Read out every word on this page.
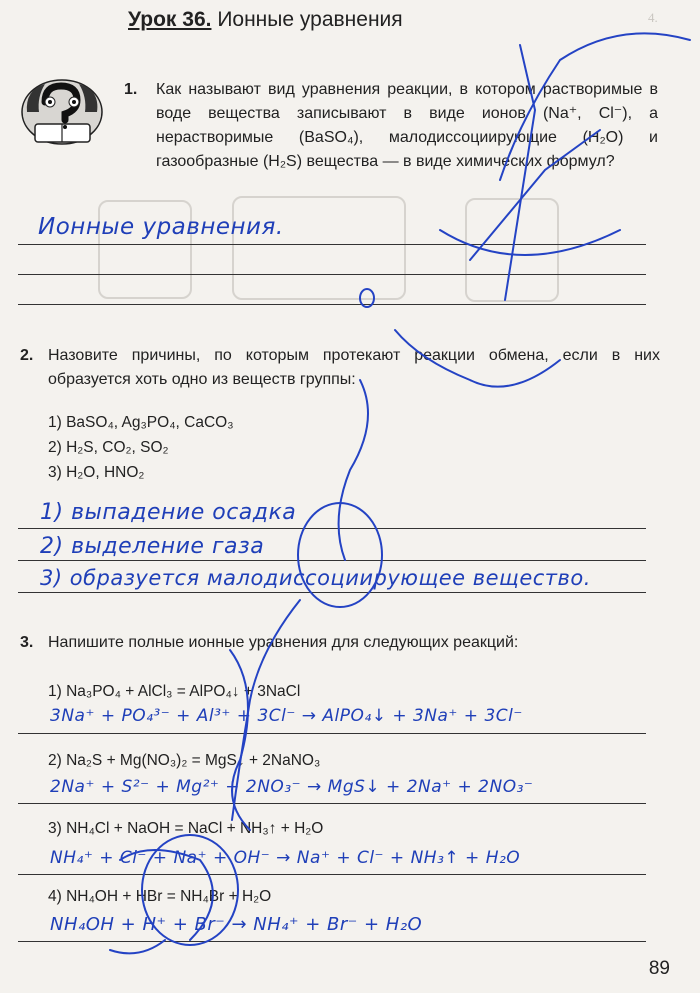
4.
Урок 36. Ионные уравнения
1. Как называют вид уравнения реакции, в котором растворимые в воде вещества записывают в виде ионов (Na⁺, Cl⁻), а нерастворимые (BaSO₄), малодиссоциирующие (H₂O) и газообразные (H₂S) вещества — в виде химических формул?
Ионные уравнения.
2. Назовите причины, по которым протекают реакции обмена, если в них образуется хоть одно из веществ группы:
1) BaSO₄, Ag₃PO₄, CaCO₃
2) H₂S, CO₂, SO₂
3) H₂O, HNO₂
1) выпадение осадка
2) выделение газа
3) образуется малодиссоциирующее вещество.
3. Напишите полные ионные уравнения для следующих реакций:
1) Na₃PO₄ + AlCl₃ = AlPO₄↓ + 3NaCl
3Na⁺ + PO₄³⁻ + Al³⁺ + 3Cl⁻ → AlPO₄↓ + 3Na⁺ + 3Cl⁻
2) Na₂S + Mg(NO₃)₂ = MgS↓ + 2NaNO₃
2Na⁺ + S²⁻ + Mg²⁺ + 2NO₃⁻ → MgS↓ + 2Na⁺ + 2NO₃⁻
3) NH₄Cl + NaOH = NaCl + NH₃↑ + H₂O
NH₄⁺ + Cl⁻ + Na⁺ + OH⁻ → Na⁺ + Cl⁻ + NH₃↑ + H₂O
4) NH₄OH + HBr = NH₄Br + H₂O
NH₄OH + H⁺ + Br⁻ → NH₄⁺ + Br⁻ + H₂O
89
